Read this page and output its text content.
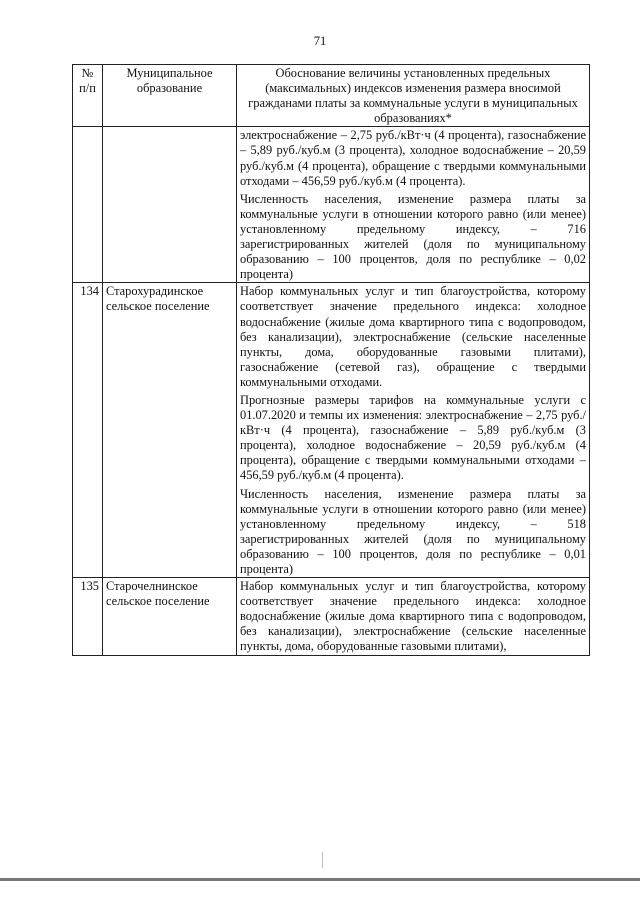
71
№ п/п	Муниципальное образование	Обоснование величины установленных предельных (максимальных) индексов изменения размера вносимой гражданами платы за коммунальные услуги в муниципальных образованиях*

		электроснабжение – 2,75 руб./кВт·ч (4 процента), газоснабжение – 5,89 руб./куб.м (3 процента), холодное водоснабжение – 20,59 руб./куб.м (4 процента), обращение с твердыми коммунальными отходами – 456,59 руб./куб.м (4 процента).

Численность населения, изменение размера платы за коммунальные услуги в отношении которого равно (или менее) установленному предельному индексу, – 716 зарегистрированных жителей (доля по муниципальному образованию – 100 процентов, доля по республике – 0,02 процента)

134	Старохурадинское сельское поселение	Набор коммунальных услуг и тип благоустройства, которому соответствует значение предельного индекса: холодное водоснабжение (жилые дома квартирного типа с водопроводом, без канализации), электроснабжение (сельские населенные пункты, дома, оборудованные газовыми плитами), газоснабжение (сетевой газ), обращение с твердыми коммунальными отходами.

Прогнозные размеры тарифов на коммунальные услуги с 01.07.2020 и темпы их изменения: электроснабжение – 2,75 руб./кВт·ч (4 процента), газоснабжение – 5,89 руб./куб.м (3 процента), холодное водоснабжение – 20,59 руб./куб.м (4 процента), обращение с твердыми коммунальными отходами – 456,59 руб./куб.м (4 процента).

Численность населения, изменение размера платы за коммунальные услуги в отношении которого равно (или менее) установленному предельному индексу, – 518 зарегистрированных жителей (доля по муниципальному образованию – 100 процентов, доля по республике – 0,01 процента)

135	Старочелнинское сельское поселение	Набор коммунальных услуг и тип благоустройства, которому соответствует значение предельного индекса: холодное водоснабжение (жилые дома квартирного типа с водопроводом, без канализации), электроснабжение (сельские населенные пункты, дома, оборудованные газовыми плитами),
